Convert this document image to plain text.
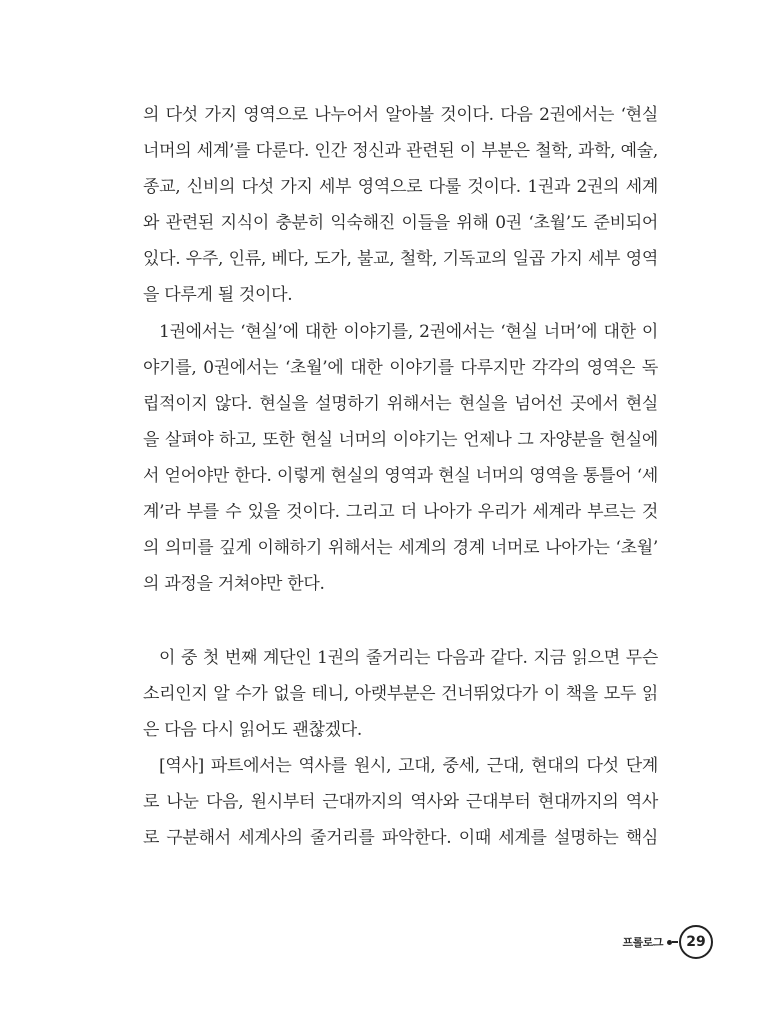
의 다섯 가지 영역으로 나누어서 알아볼 것이다. 다음 2권에서는 ‘현실
너머의 세계’를 다룬다. 인간 정신과 관련된 이 부분은 철학, 과학, 예술,
종교, 신비의 다섯 가지 세부 영역으로 다룰 것이다. 1권과 2권의 세계
와 관련된 지식이 충분히 익숙해진 이들을 위해 0권 ‘초월’도 준비되어
있다. 우주, 인류, 베다, 도가, 불교, 철학, 기독교의 일곱 가지 세부 영역
을 다루게 될 것이다.
1권에서는 ‘현실’에 대한 이야기를, 2권에서는 ‘현실 너머’에 대한 이
야기를, 0권에서는 ‘초월’에 대한 이야기를 다루지만 각각의 영역은 독
립적이지 않다. 현실을 설명하기 위해서는 현실을 넘어선 곳에서 현실
을 살펴야 하고, 또한 현실 너머의 이야기는 언제나 그 자양분을 현실에
서 얻어야만 한다. 이렇게 현실의 영역과 현실 너머의 영역을 통틀어 ‘세
계’라 부를 수 있을 것이다. 그리고 더 나아가 우리가 세계라 부르는 것
의 의미를 깊게 이해하기 위해서는 세계의 경계 너머로 나아가는 ‘초월’
의 과정을 거쳐야만 한다.
이 중 첫 번째 계단인 1권의 줄거리는 다음과 같다. 지금 읽으면 무슨
소리인지 알 수가 없을 테니, 아랫부분은 건너뛰었다가 이 책을 모두 읽
은 다음 다시 읽어도 괜찮겠다.
[역사] 파트에서는 역사를 원시, 고대, 중세, 근대, 현대의 다섯 단계
로 나눈 다음, 원시부터 근대까지의 역사와 근대부터 현대까지의 역사
로 구분해서 세계사의 줄거리를 파악한다. 이때 세계를 설명하는 핵심
프롤로그	29
